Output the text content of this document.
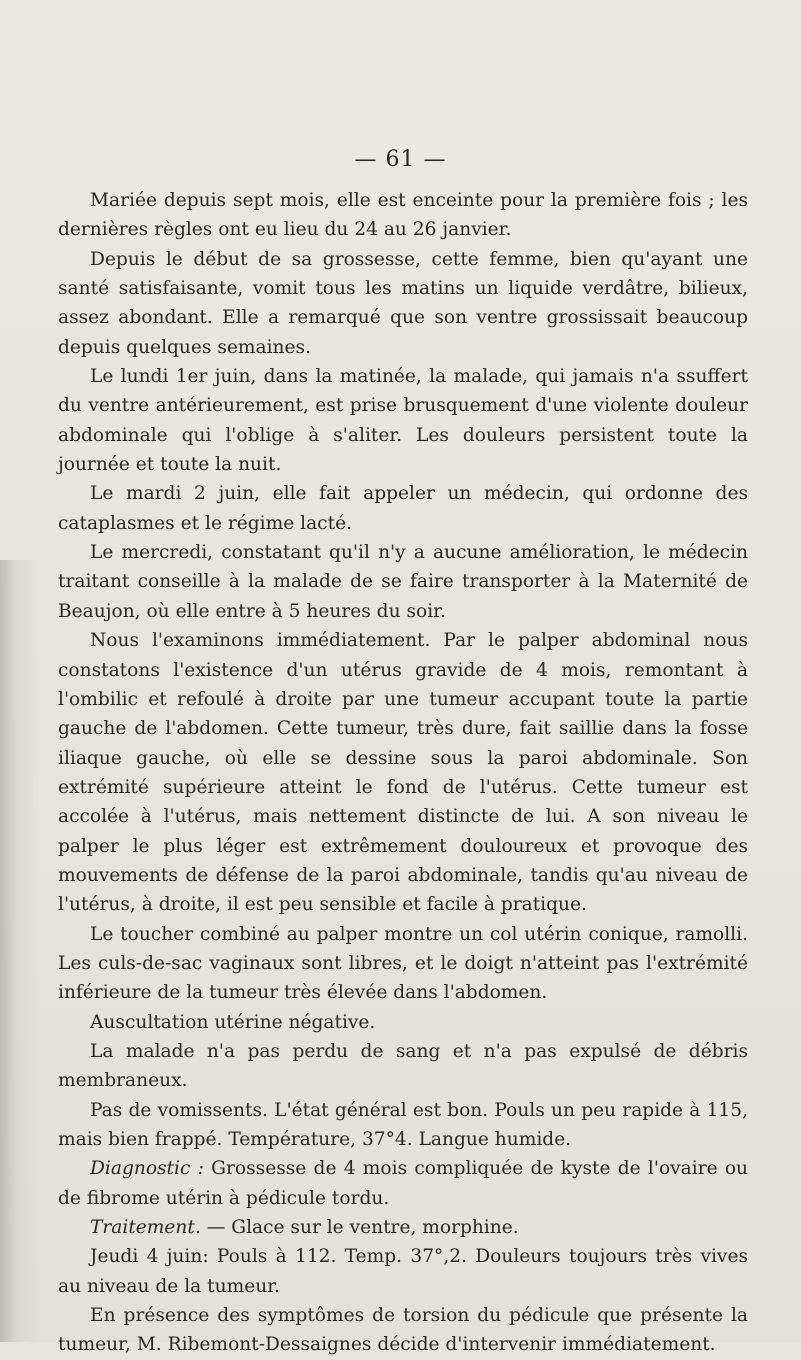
— 61 —

Mariée depuis sept mois, elle est enceinte pour la première fois ; les dernières règles ont eu lieu du 24 au 26 janvier.

Depuis le début de sa grossesse, cette femme, bien qu'ayant une santé satisfaisante, vomit tous les matins un liquide verdâtre, bilieux, assez abondant. Elle a remarqué que son ventre grossissait beaucoup depuis quelques semaines.

Le lundi 1er juin, dans la matinée, la malade, qui jamais n'a ssuffert du ventre antérieurement, est prise brusquement d'une violente douleur abdominale qui l'oblige à s'aliter. Les douleurs persistent toute la journée et toute la nuit.

Le mardi 2 juin, elle fait appeler un médecin, qui ordonne des cataplasmes et le régime lacté.

Le mercredi, constatant qu'il n'y a aucune amélioration, le médecin traitant conseille à la malade de se faire transporter à la Maternité de Beaujon, où elle entre à 5 heures du soir.

Nous l'examinons immédiatement. Par le palper abdominal nous constatons l'existence d'un utérus gravide de 4 mois, remontant à l'ombilic et refoulé à droite par une tumeur accupant toute la partie gauche de l'abdomen. Cette tumeur, très dure, fait saillie dans la fosse iliaque gauche, où elle se dessine sous la paroi abdominale. Son extrémité supérieure atteint le fond de l'utérus. Cette tumeur est accolée à l'utérus, mais nettement distincte de lui. A son niveau le palper le plus léger est extrêmement douloureux et provoque des mouvements de défense de la paroi abdominale, tandis qu'au niveau de l'utérus, à droite, il est peu sensible et facile à pratique.

Le toucher combiné au palper montre un col utérin conique, ramolli. Les culs-de-sac vaginaux sont libres, et le doigt n'atteint pas l'extrémité inférieure de la tumeur très élevée dans l'abdomen.

Auscultation utérine négative.

La malade n'a pas perdu de sang et n'a pas expulsé de débris membraneux.

Pas de vomissents. L'état général est bon. Pouls un peu rapide à 115, mais bien frappé. Température, 37°4. Langue humide.

Diagnostic : Grossesse de 4 mois compliquée de kyste de l'ovaire ou de fibrome utérin à pédicule tordu.

Traitement. — Glace sur le ventre, morphine.

Jeudi 4 juin: Pouls à 112. Temp. 37°,2. Douleurs toujours très vives au niveau de la tumeur.

En présence des symptômes de torsion du pédicule que présente la tumeur, M. Ribemont-Dessaignes décide d'intervenir immédiatement.
